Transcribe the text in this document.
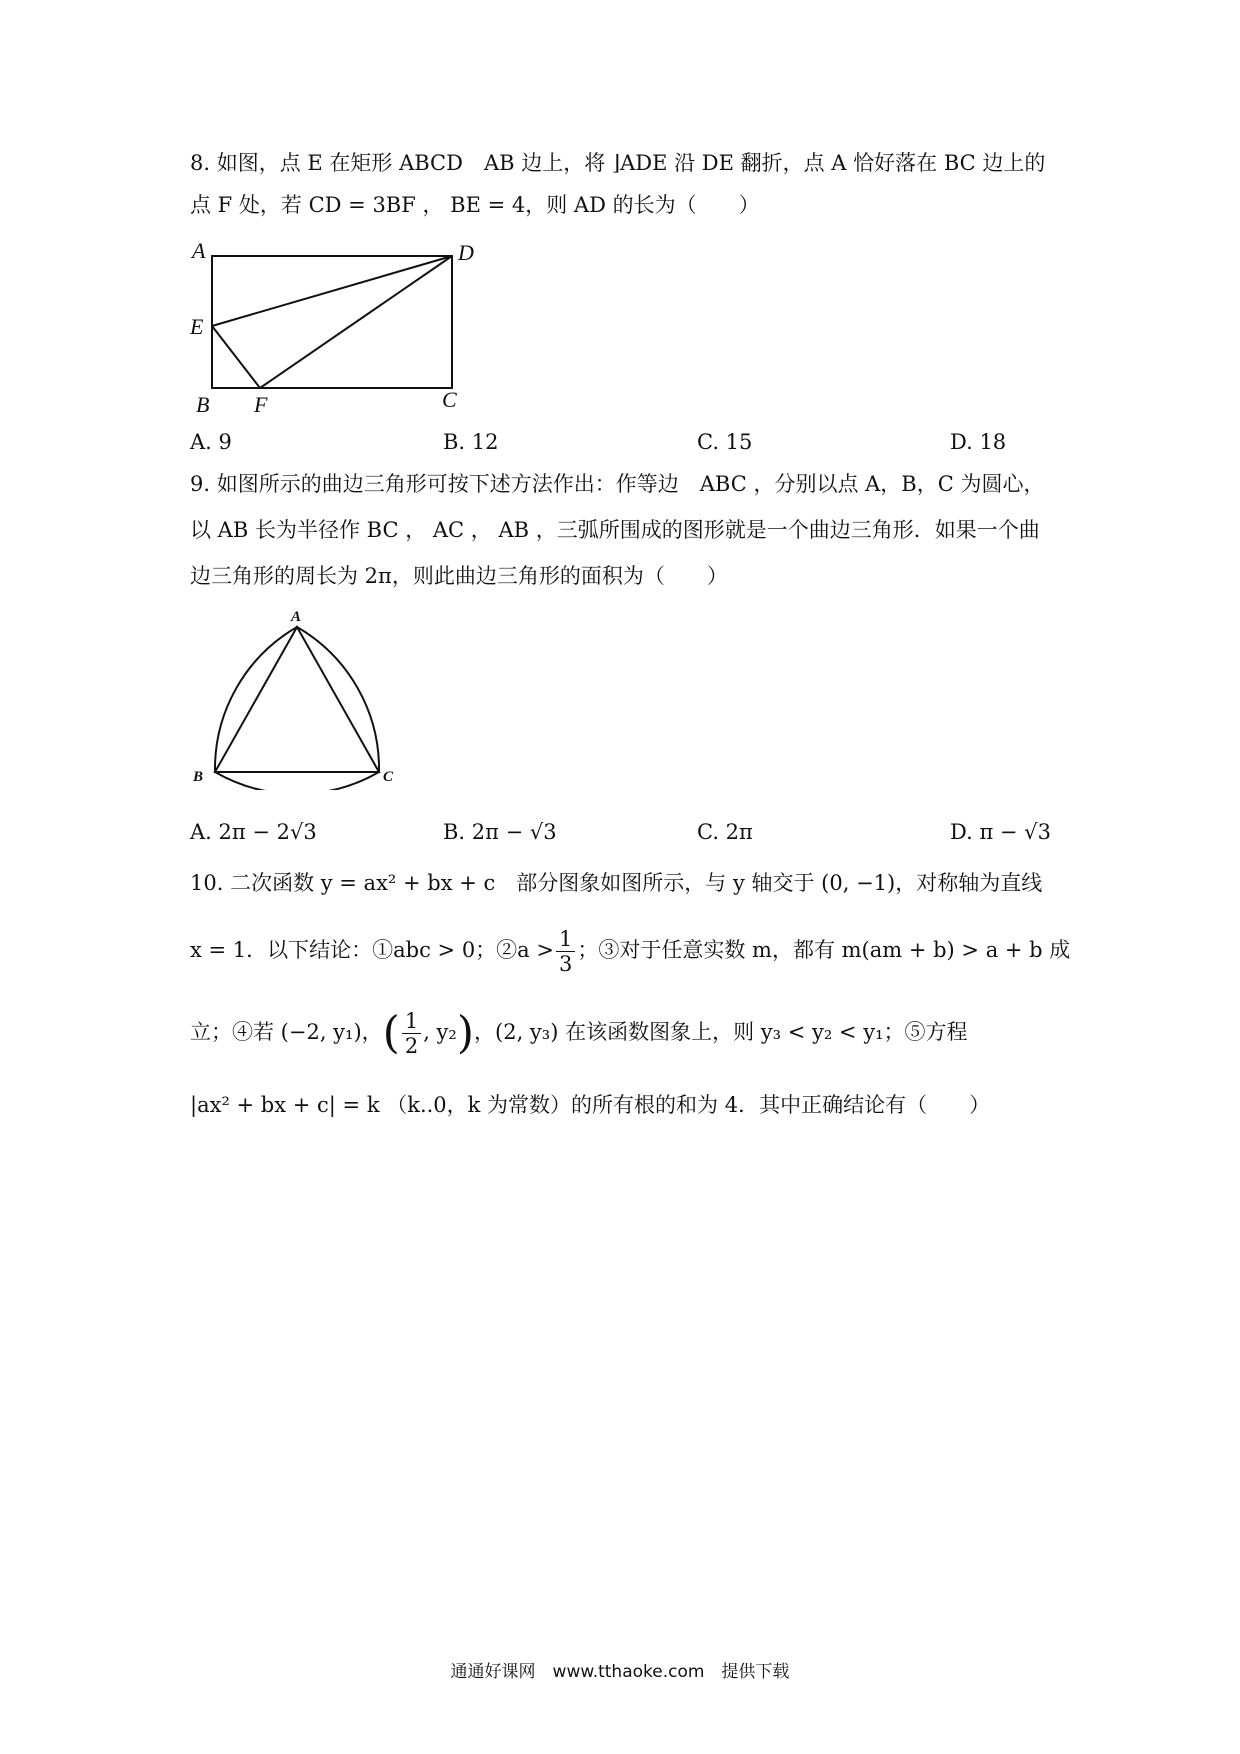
8. 如图，点 E 在矩形 ABCD　AB 边上，将 ⌋ADE 沿 DE 翻折，点 A 恰好落在 BC 边上的
点 F 处，若 CD = 3BF ， BE = 4，则 AD 的长为（　　）
A	D
E
B F	C
A. 9	B. 12	C. 15	D. 18
9. 如图所示的曲边三角形可按下述方法作出：作等边　ABC ，分别以点 A，B，C 为圆心，
以 AB 长为半径作 BC ， AC ， AB ，三弧所围成的图形就是一个曲边三角形．如果一个曲
边三角形的周长为 2π，则此曲边三角形的面积为（　　）
A
B	C
A. 2π − 2√3	B. 2π − √3	C. 2π	D. π − √3
10. 二次函数 y = ax² + bx + c　部分图象如图所示，与 y 轴交于 (0, −1)，对称轴为直线
x = 1．以下结论：①abc > 0；②a > $\frac{1}{3}$ ；③对于任意实数 m，都有 m(am + b) > a + b 成
立；④若 (−2, y₁)，( $\frac{1}{2}$ , y₂)，(2, y₃) 在该函数图象上，则 y₃ < y₂ < y₁；⑤方程
|ax² + bx + c| = k （k..0，k 为常数）的所有根的和为 4．其中正确结论有（　　）
通通好课网　www.tthaoke.com　提供下载
